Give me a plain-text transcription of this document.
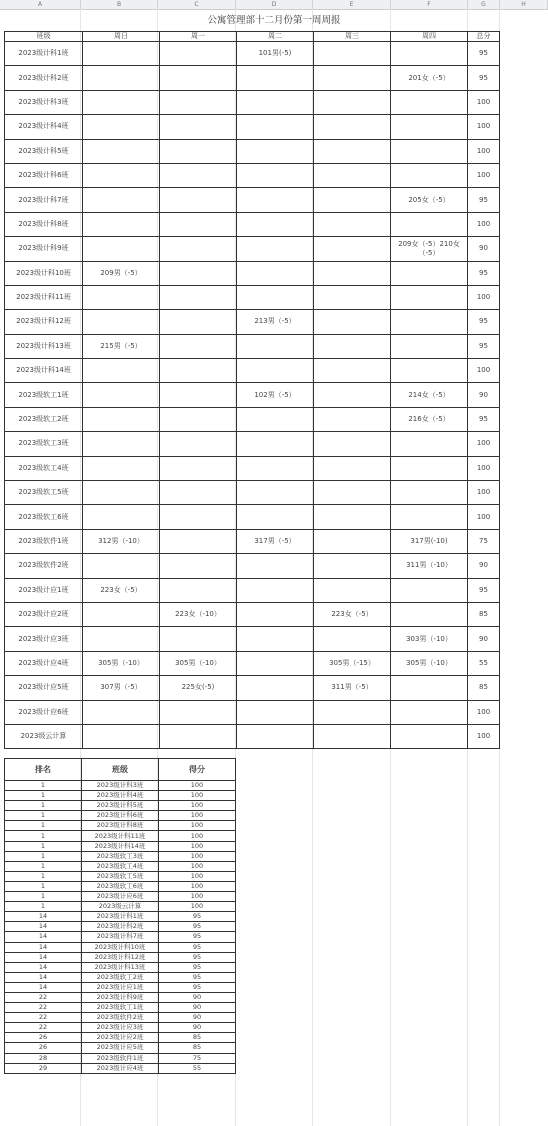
A	B	C	D	E	F	G	H
公寓管理部十二月份第一周周报
班级	周日	周一	周二	周三	周四	总分
2023级计科1班			101男(-5)			95
2023级计科2班					201女（-5）	95
2023级计科3班						100
2023级计科4班						100
2023级计科5班						100
2023级计科6班						100
2023级计科7班					205女（-5）	95
2023级计科8班						100
2023级计科9班					209女（-5）210女（-5）	90
2023级计科10班	209男（-5）					95
2023级计科11班						100
2023级计科12班			213男（-5）			95
2023级计科13班	215男（-5）					95
2023级计科14班						100
2023级软工1班			102男（-5）		214女（-5）	90
2023级软工2班					216女（-5）	95
2023级软工3班						100
2023级软工4班						100
2023级软工5班						100
2023级软工6班						100
2023级软件1班	312男（-10）		317男（-5）		317男(-10)	75
2023级软件2班					311男（-10）	90
2023级计应1班	223女（-5）					95
2023级计应2班		223女（-10）		223女（-5）		85
2023级计应3班					303男（-10）	90
2023级计应4班	305男（-10）	305男（-10）		305男（-15）	305男（-10）	55
2023级计应5班	307男（-5）	225女(-5)		311男（-5）		85
2023级计应6班						100
2023级云计算						100
排名	班级	得分
1	2023级计科3班	100
1	2023级计科4班	100
1	2023级计科5班	100
1	2023级计科6班	100
1	2023级计科8班	100
1	2023级计科11班	100
1	2023级计科14班	100
1	2023级软工3班	100
1	2023级软工4班	100
1	2023级软工5班	100
1	2023级软工6班	100
1	2023级计应6班	100
1	2023级云计算	100
14	2023级计科1班	95
14	2023级计科2班	95
14	2023级计科7班	95
14	2023级计科10班	95
14	2023级计科12班	95
14	2023级计科13班	95
14	2023级软工2班	95
14	2023级计应1班	95
22	2023级计科9班	90
22	2023级软工1班	90
22	2023级软件2班	90
22	2023级计应3班	90
26	2023级计应2班	85
26	2023级计应5班	85
28	2023级软件1班	75
29	2023级计应4班	55
